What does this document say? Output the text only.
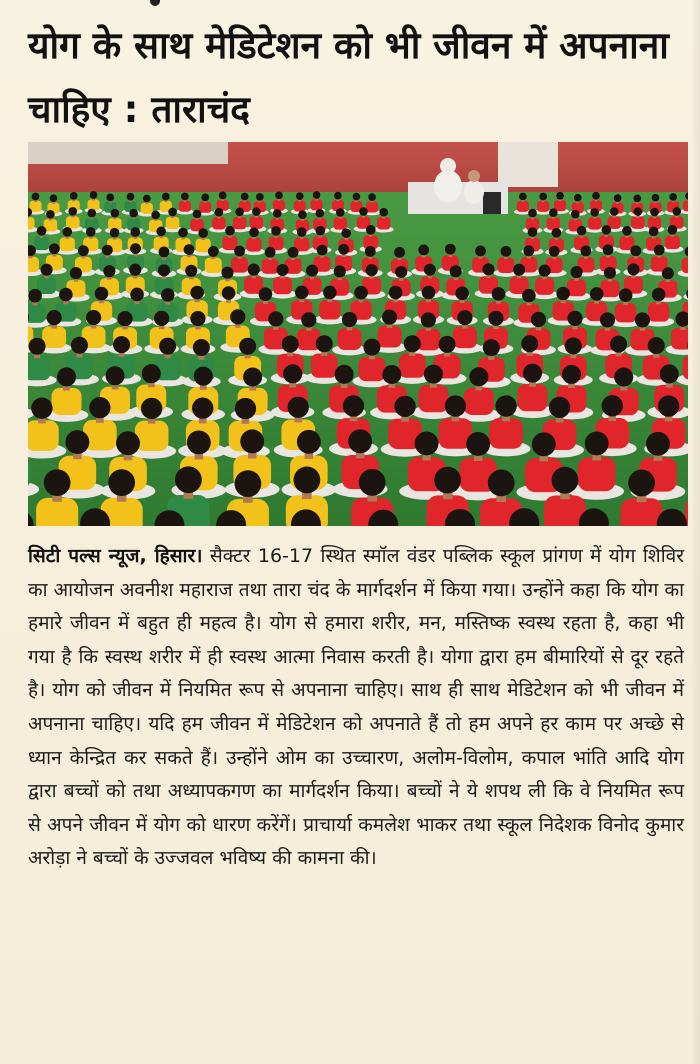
योग के साथ मेडिटेशन को भी जीवन में अपनाना चाहिए : ताराचंद

सिटी पल्स न्यूज, हिसार। सैक्टर 16-17 स्थित स्मॉल वंडर पब्लिक स्कूल प्रांगण में योग शिविर का आयोजन अवनीश महाराज तथा तारा चंद के मार्गदर्शन में किया गया। उन्होंने कहा कि योग का हमारे जीवन में बहुत ही महत्व है। योग से हमारा शरीर, मन, मस्तिष्क स्वस्थ रहता है, कहा भी गया है कि स्वस्थ शरीर में ही स्वस्थ आत्मा निवास करती है। योगा द्वारा हम बीमारियों से दूर रहते है। योग को जीवन में नियमित रूप से अपनाना चाहिए। साथ ही साथ मेडिटेशन को भी जीवन में अपनाना चाहिए। यदि हम जीवन में मेडिटेशन को अपनाते हैं तो हम अपने हर काम पर अच्छे से ध्यान केन्द्रित कर सकते हैं। उन्होंने ओम का उच्चारण, अलोम-विलोम, कपाल भांति आदि योग द्वारा बच्चों को तथा अध्यापकगण का मार्गदर्शन किया। बच्चों ने ये शपथ ली कि वे नियमित रूप से अपने जीवन में योग को धारण करेंगें। प्राचार्या कमलेश भाकर तथा स्कूल निदेशक विनोद कुमार अरोड़ा ने बच्चों के उज्जवल भविष्य की कामना की।
